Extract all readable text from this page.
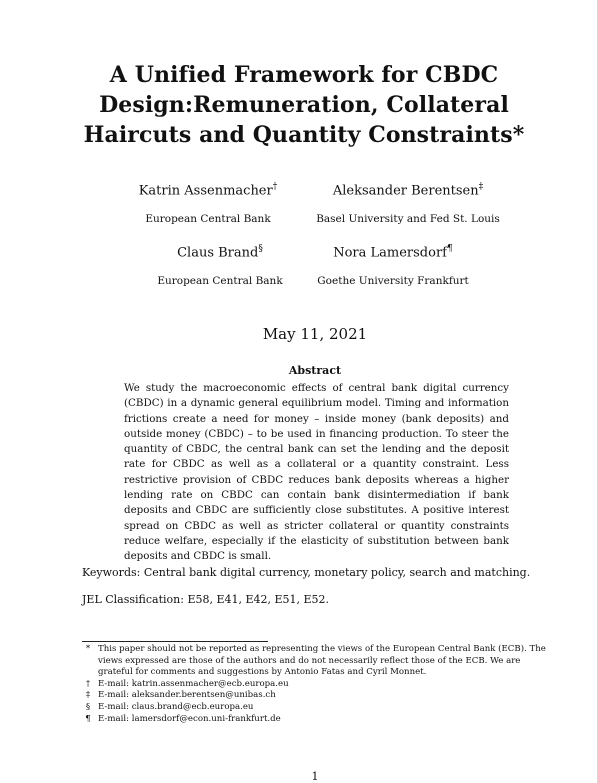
A Unified Framework for CBDC
Design:Remuneration, Collateral
Haircuts and Quantity Constraints*
Katrin Assenmacher†
European Central Bank
Aleksander Berentsen‡
Basel University and Fed St. Louis
Claus Brand§
European Central Bank
Nora Lamersdorf¶
Goethe University Frankfurt
May 11, 2021
Abstract

We study the macroeconomic effects of central bank digital currency (CBDC) in a dynamic general equilibrium model. Timing and information frictions create a need for money – inside money (bank deposits) and outside money (CBDC) – to be used in financing production. To steer the quantity of CBDC, the central bank can set the lending and the deposit rate for CBDC as well as a collateral or a quantity constraint. Less restrictive provision of CBDC reduces bank deposits whereas a higher lending rate on CBDC can contain bank disintermediation if bank deposits and CBDC are sufficiently close substitutes. A positive interest spread on CBDC as well as stricter collateral or quantity constraints reduce welfare, especially if the elasticity of substitution between bank deposits and CBDC is small.

Keywords: Central bank digital currency, monetary policy, search and matching.

JEL Classification: E58, E41, E42, E51, E52.

* This paper should not be reported as representing the views of the European Central Bank (ECB). The views expressed are those of the authors and do not necessarily reflect those of the ECB. We are grateful for comments and suggestions by Antonio Fatas and Cyril Monnet.
† E-mail: katrin.assenmacher@ecb.europa.eu
‡ E-mail: aleksander.berentsen@unibas.ch
§ E-mail: claus.brand@ecb.europa.eu
¶ E-mail: lamersdorf@econ.uni-frankfurt.de
1
